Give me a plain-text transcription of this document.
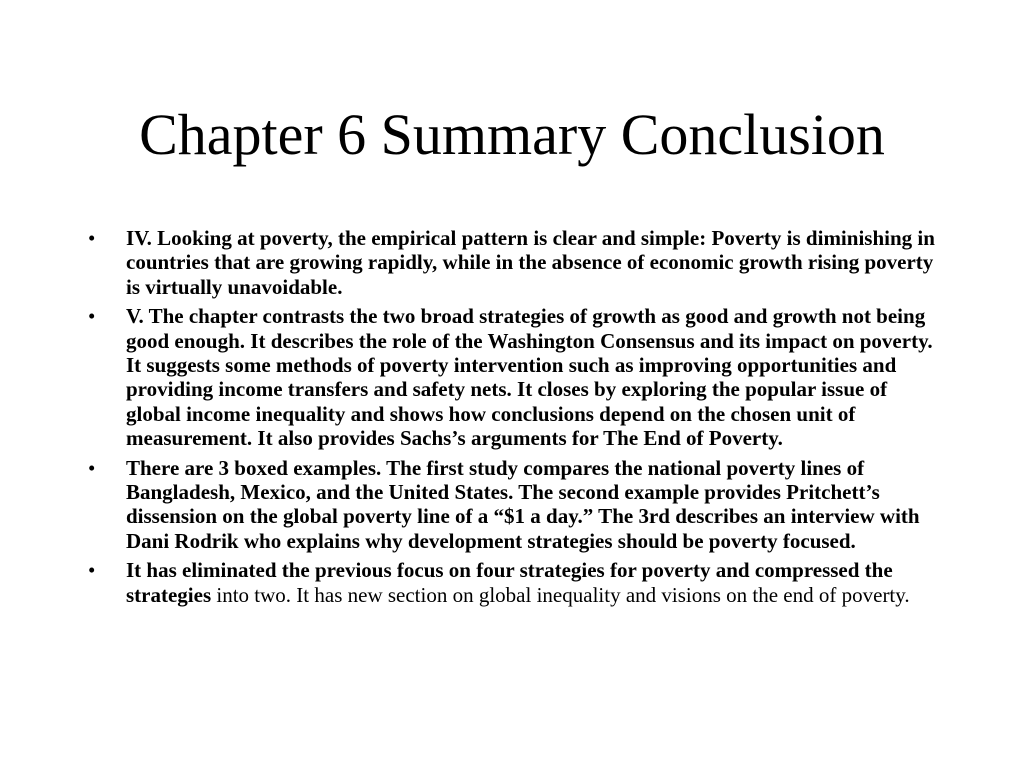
Chapter 6 Summary Conclusion
•	IV. Looking at poverty, the empirical pattern is clear and simple: Poverty is diminishing in countries that are growing rapidly, while in the absence of economic growth rising poverty is virtually unavoidable.
•	V. The chapter contrasts the two broad strategies of growth as good and growth not being good enough. It describes the role of the Washington Consensus and its impact on poverty. It suggests some methods of poverty intervention such as improving opportunities and providing income transfers and safety nets. It closes by exploring the popular issue of global income inequality and shows how conclusions depend on the chosen unit of measurement. It also provides Sachs’s arguments for The End of Poverty.
•	There are 3 boxed examples. The first study compares the national poverty lines of Bangladesh, Mexico, and the United States. The second example provides Pritchett’s dissension on the global poverty line of a “$1 a day.” The 3rd describes an interview with Dani Rodrik who explains why development strategies should be poverty focused.
•	It has eliminated the previous focus on four strategies for poverty and compressed the strategies into two. It has new section on global inequality and visions on the end of poverty.
